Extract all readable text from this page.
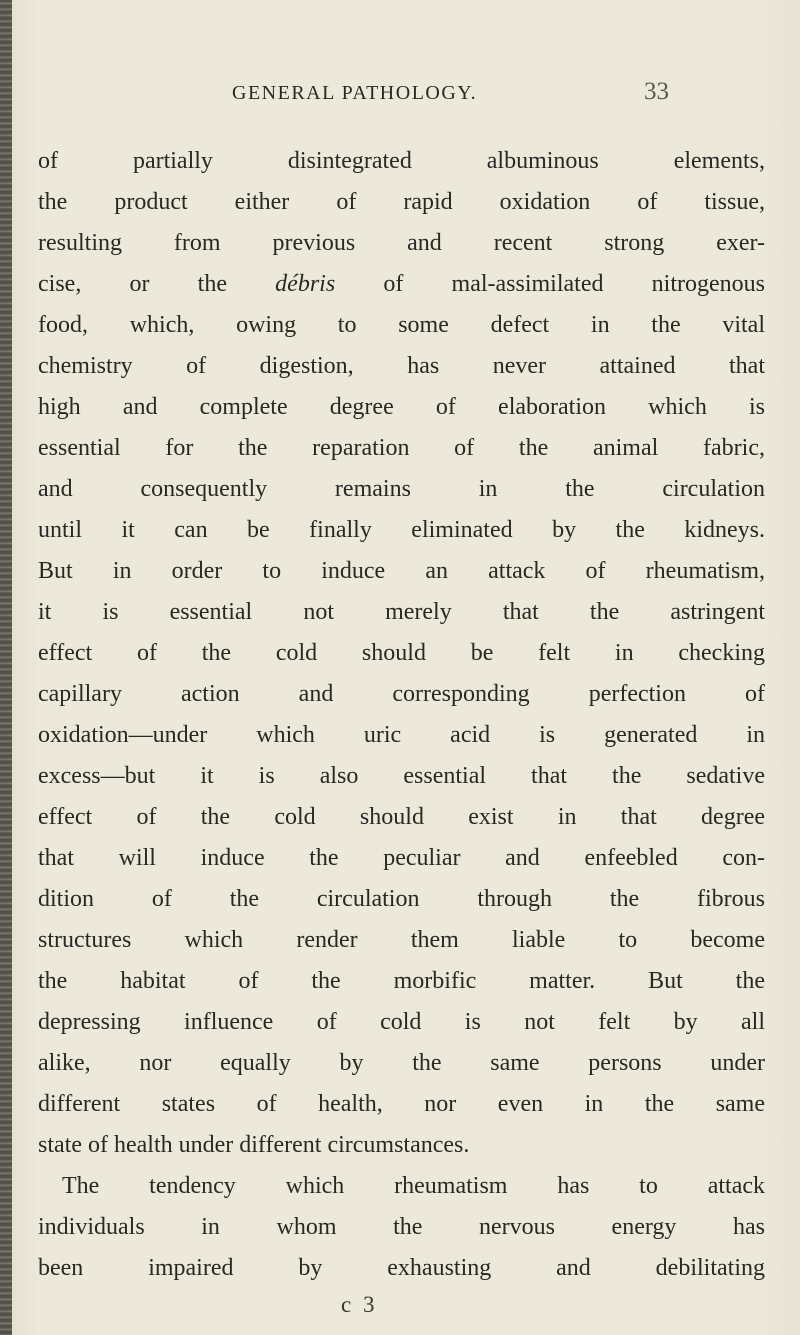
GENERAL PATHOLOGY.	33
of partially disintegrated albuminous elements,
the product either of rapid oxidation of tissue,
resulting from previous and recent strong exer-
cise, or the débris of mal-assimilated nitrogenous
food, which, owing to some defect in the vital
chemistry of digestion, has never attained that
high and complete degree of elaboration which is
essential for the reparation of the animal fabric,
and consequently remains in the circulation
until it can be finally eliminated by the kidneys.
But in order to induce an attack of rheumatism,
it is essential not merely that the astringent
effect of the cold should be felt in checking
capillary action and corresponding perfection of
oxidation—under which uric acid is generated in
excess—but it is also essential that the sedative
effect of the cold should exist in that degree
that will induce the peculiar and enfeebled con-
dition of the circulation through the fibrous
structures which render them liable to become
the habitat of the morbific matter. But the
depressing influence of cold is not felt by all
alike, nor equally by the same persons under
different states of health, nor even in the same
state of health under different circumstances.
The tendency which rheumatism has to attack
individuals in whom the nervous energy has
been impaired by exhausting and debilitating
c 3
